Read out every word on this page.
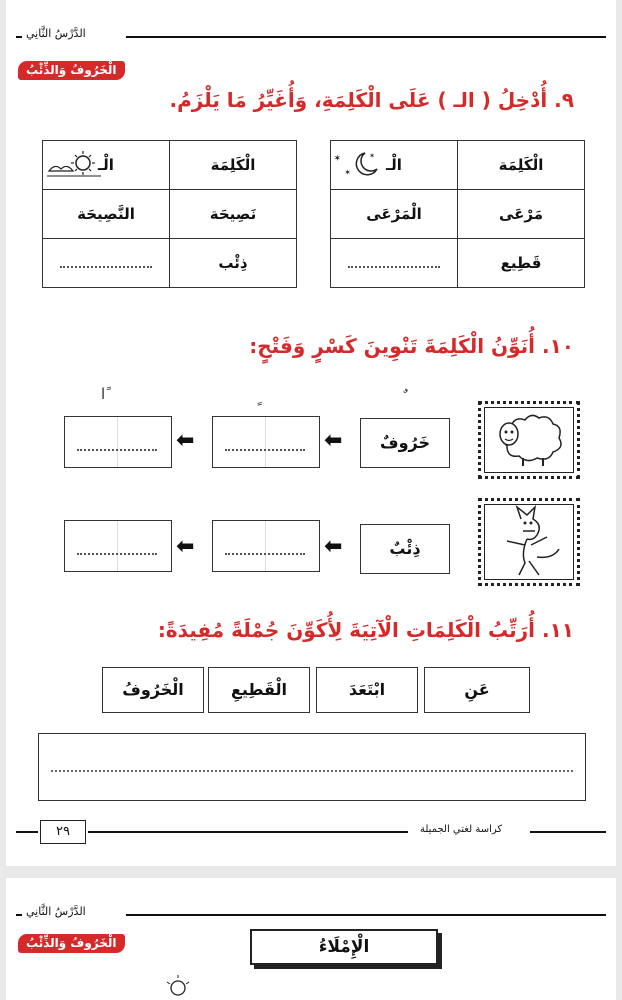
الدَّرْسُ الثَّانِي
الْخَرُوفُ وَالذِّئْبُ
٩. أُدْخِلُ ( الـ ) عَلَى الْكَلِمَةِ، وَأُغَيِّرُ مَا يَلْزَمُ.
الْكَلِمَة	الْـ
✶
✶
✶

مَرْعَى	الْمَرْعَى
قَطِيع	
الْكَلِمَة	الْـ

نَصِيحَة	النَّصِيحَة
ذِئْب	
١٠. أُنَوِّنُ الْكَلِمَةَ تَنْوِينَ كَسْرٍ وَفَتْحٍ:
ًا
خَرُوفٌ
⬅
⬅
ذِئْبٌ
⬅
⬅
١١. أُرَتِّبُ الْكَلِمَاتِ الْآتِيَةَ لِأُكَوِّنَ جُمْلَةً مُفِيدَةً:
عَنِ
ابْتَعَدَ
الْقَطِيعِ
الْخَرُوفُ
٢٩	كراسة لغتي الجميلة
الدَّرْسُ الثَّانِي
الْخَرُوفُ وَالذِّئْبُ	الْإِمْلَاءُ
